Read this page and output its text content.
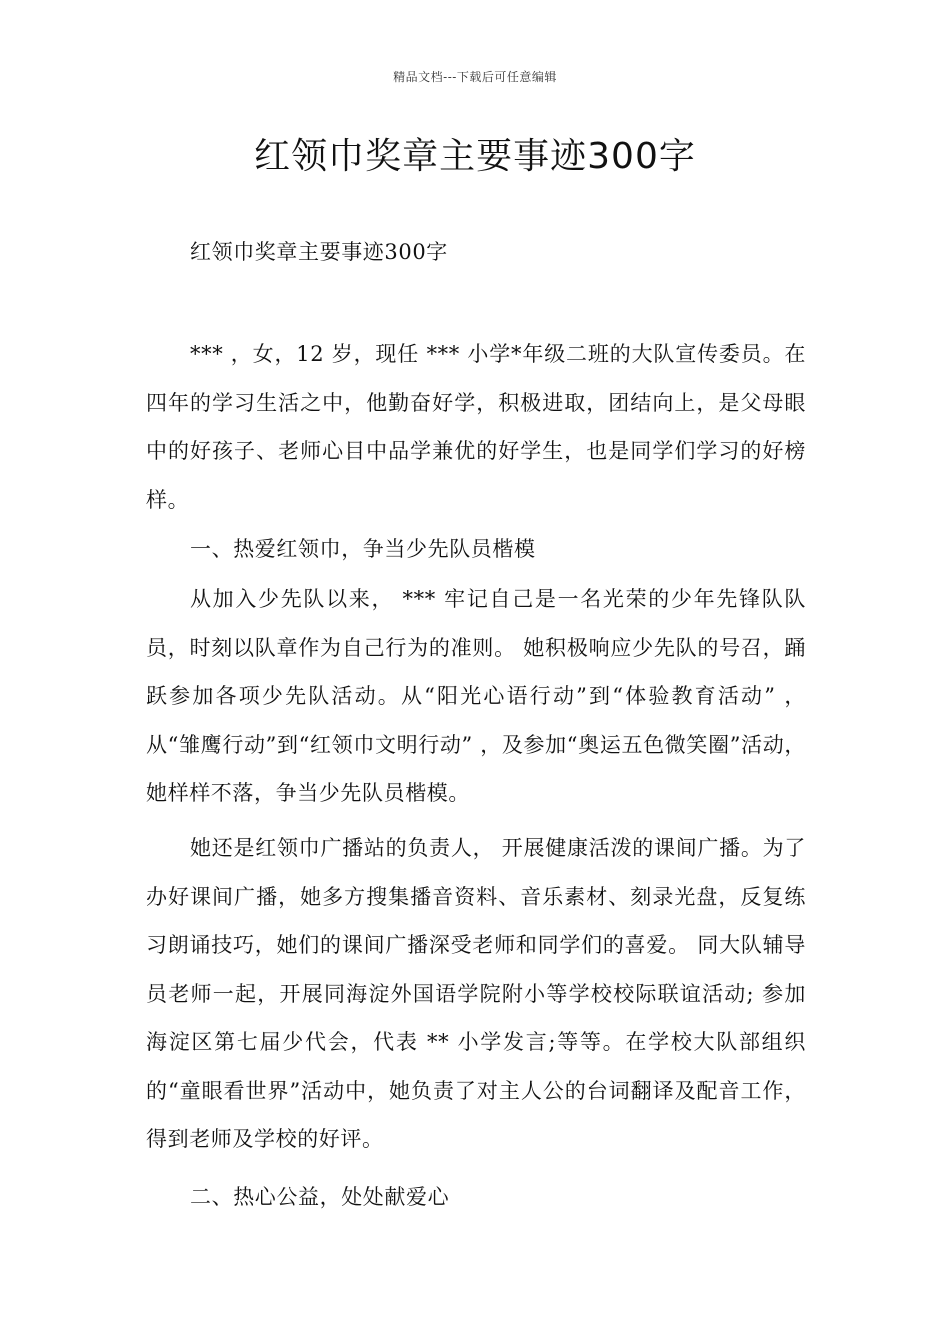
精品文档---下载后可任意编辑
红领巾奖章主要事迹300字

红领巾奖章主要事迹300字

*** ，女，12 岁，现任 *** 小学*年级二班的大队宣传委员。在四年的学习生活之中，他勤奋好学，积极进取，团结向上，是父母眼中的好孩子、老师心目中品学兼优的好学生，也是同学们学习的好榜样。

一、热爱红领巾，争当少先队员楷模

从加入少先队以来， *** 牢记自己是一名光荣的少年先锋队队员，时刻以队章作为自己行为的准则。 她积极响应少先队的号召，踊跃参加各项少先队活动。从“阳光心语行动”到“体验教育活动” ，从“雏鹰行动”到“红领巾文明行动” ，及参加“奥运五色微笑圈”活动，她样样不落，争当少先队员楷模。

她还是红领巾广播站的负责人， 开展健康活泼的课间广播。为了办好课间广播，她多方搜集播音资料、音乐素材、刻录光盘，反复练习朗诵技巧，她们的课间广播深受老师和同学们的喜爱。 同大队辅导员老师一起，开展同海淀外国语学院附小等学校校际联谊活动; 参加海淀区第七届少代会，代表 ** 小学发言;等等。在学校大队部组织的“童眼看世界”活动中，她负责了对主人公的台词翻译及配音工作，得到老师及学校的好评。

二、热心公益，处处献爱心
